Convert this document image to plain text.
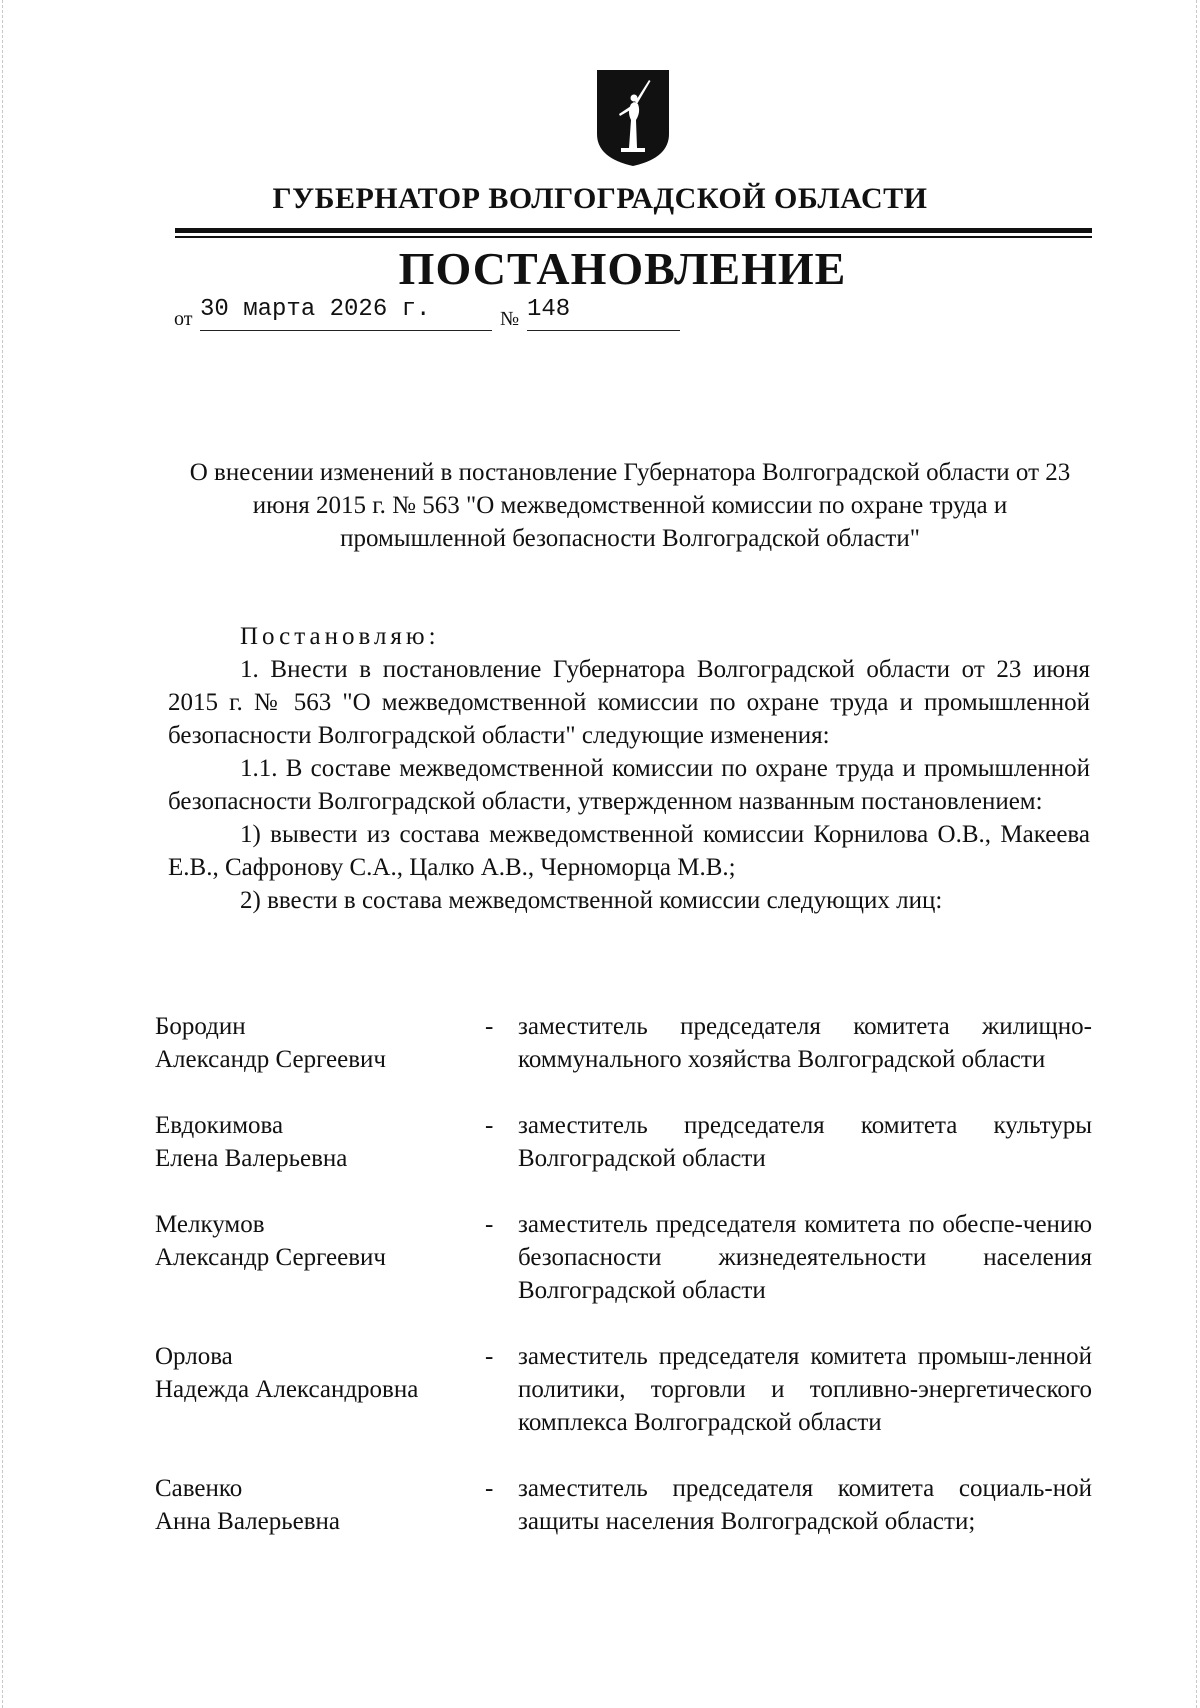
ГУБЕРНАТОР ВОЛГОГРАДСКОЙ ОБЛАСТИ
ПОСТАНОВЛЕНИЕ
от 30 марта 2026 г.	№ 148
О внесении изменений в постановление Губернатора Волгоградской области от 23 июня 2015 г. № 563 "О межведомственной комиссии по охране труда и промышленной безопасности Волгоградской области"

Постановляю:

1. Внести в постановление Губернатора Волгоградской области от 23 июня 2015 г. № 563 "О межведомственной комиссии по охране труда и промышленной безопасности Волгоградской области" следующие изменения:

1.1. В составе межведомственной комиссии по охране труда и промышленной безопасности Волгоградской области, утвержденном названным постановлением:

1) вывести из состава межведомственной комиссии Корнилова О.В., Макеева Е.В., Сафронову С.А., Цалко А.В., Черноморца М.В.;

2) ввести в состава межведомственной комиссии следующих лиц:

Бородин
Александр Сергеевич
- заместитель председателя комитета жилищно-коммунального хозяйства Волгоградской области
Евдокимова
Елена Валерьевна
- заместитель председателя комитета культуры Волгоградской области
Мелкумов
Александр Сергеевич
- заместитель председателя комитета по обеспе-чению безопасности жизнедеятельности населения Волгоградской области
Орлова
Надежда Александровна
- заместитель председателя комитета промыш-ленной политики, торговли и топливно-энергетического комплекса Волгоградской области
Савенко
Анна Валерьевна
- заместитель председателя комитета социаль-ной защиты населения Волгоградской области;
